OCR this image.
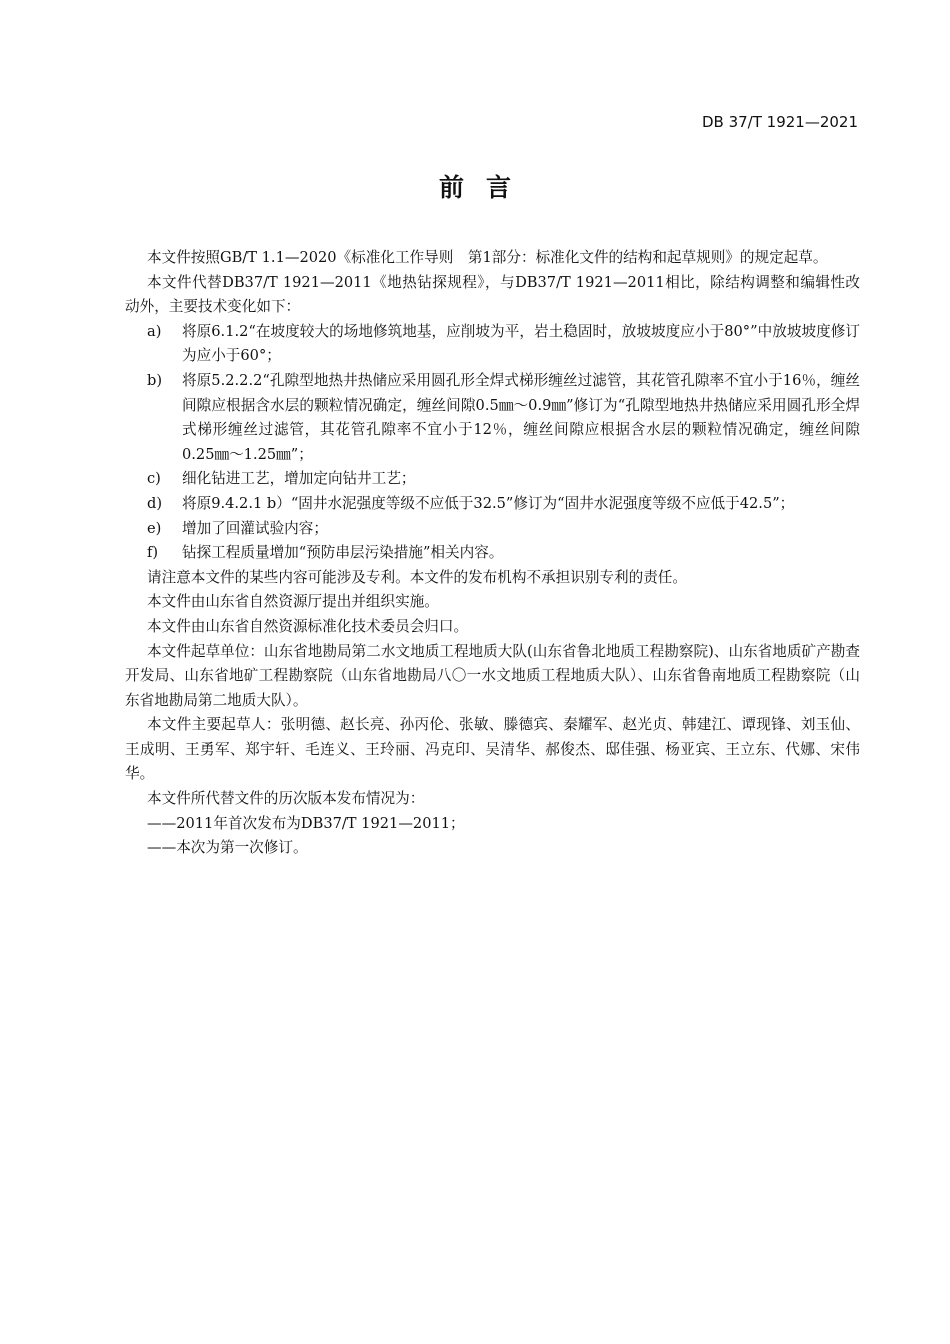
DB 37/T 1921—2021
前言

本文件按照GB/T 1.1—2020《标准化工作导则　第1部分：标准化文件的结构和起草规则》的规定起草。

本文件代替DB37/T 1921—2011《地热钻探规程》，与DB37/T 1921—2011相比，除结构调整和编辑性改动外，主要技术变化如下：

a)	将原6.1.2“在坡度较大的场地修筑地基，应削坡为平，岩土稳固时，放坡坡度应小于80°”中放坡坡度修订为应小于60°；
b)	将原5.2.2.2“孔隙型地热井热储应采用圆孔形全焊式梯形缠丝过滤管，其花管孔隙率不宜小于16％，缠丝间隙应根据含水层的颗粒情况确定，缠丝间隙0.5㎜～0.9㎜”修订为“孔隙型地热井热储应采用圆孔形全焊式梯形缠丝过滤管，其花管孔隙率不宜小于12％，缠丝间隙应根据含水层的颗粒情况确定，缠丝间隙0.25㎜～1.25㎜”；
c)	细化钻进工艺，增加定向钻井工艺；
d)	将原9.4.2.1 b）“固井水泥强度等级不应低于32.5”修订为“固井水泥强度等级不应低于42.5”；
e)	增加了回灌试验内容；
f)	钻探工程质量增加“预防串层污染措施”相关内容。

请注意本文件的某些内容可能涉及专利。本文件的发布机构不承担识别专利的责任。

本文件由山东省自然资源厅提出并组织实施。

本文件由山东省自然资源标准化技术委员会归口。

本文件起草单位：山东省地勘局第二水文地质工程地质大队(山东省鲁北地质工程勘察院)、山东省地质矿产勘查开发局、山东省地矿工程勘察院（山东省地勘局八〇一水文地质工程地质大队）、山东省鲁南地质工程勘察院（山东省地勘局第二地质大队）。

本文件主要起草人：张明德、赵长亮、孙丙伦、张敏、滕德宾、秦耀军、赵光贞、韩建江、谭现锋、刘玉仙、王成明、王勇军、郑宇轩、毛连义、王玲丽、冯克印、吴清华、郝俊杰、邸佳强、杨亚宾、王立东、代娜、宋伟华。

本文件所代替文件的历次版本发布情况为：

——2011年首次发布为DB37/T 1921—2011；

——本次为第一次修订。
